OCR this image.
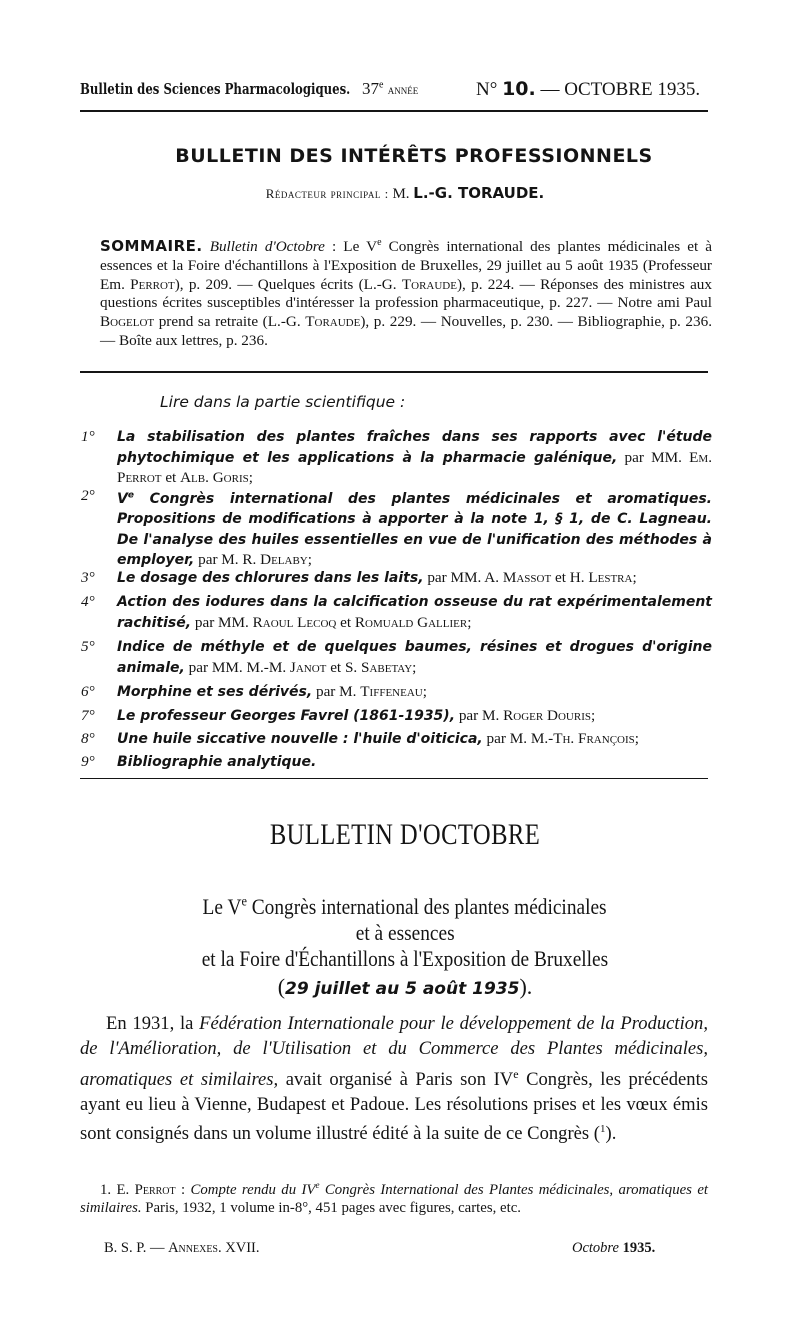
Bulletin des Sciences Pharmacologiques. 37e année	N° 10. — OCTOBRE 1935.
BULLETIN DES INTÉRÊTS PROFESSIONNELS
Rédacteur principal : M. L.-G. TORAUDE.
SOMMAIRE. Bulletin d'Octobre : Le Ve Congrès international des plantes médicinales et à essences et la Foire d'échantillons à l'Exposition de Bruxelles, 29 juillet au 5 août 1935 (Professeur Em. Perrot), p. 209. — Quelques écrits (L.-G. Toraude), p. 224. — Réponses des ministres aux questions écrites susceptibles d'intéresser la profession pharmaceutique, p. 227. — Notre ami Paul Bogelot prend sa retraite (L.-G. Toraude), p. 229. — Nouvelles, p. 230. — Bibliographie, p. 236. — Boîte aux lettres, p. 236.
Lire dans la partie scientifique :
1° La stabilisation des plantes fraîches dans ses rapports avec l'étude phytochimique et les applications à la pharmacie galénique, par MM. Em. Perrot et Alb. Goris;
2° Ve Congrès international des plantes médicinales et aromatiques. Propositions de modifications à apporter à la note 1, § 1, de C. Lagneau. De l'analyse des huiles essentielles en vue de l'unification des méthodes à employer, par M. R. Delaby;
3° Le dosage des chlorures dans les laits, par MM. A. Massot et H. Lestra;
4° Action des iodures dans la calcification osseuse du rat expérimentalement rachitisé, par MM. Raoul Lecoq et Romuald Gallier;
5° Indice de méthyle et de quelques baumes, résines et drogues d'origine animale, par MM. M.-M. Janot et S. Sabetay;
6° Morphine et ses dérivés, par M. Tiffeneau;
7° Le professeur Georges Favrel (1861-1935), par M. Roger Douris;
8° Une huile siccative nouvelle : l'huile d'oiticica, par M. M.-Th. François;
9° Bibliographie analytique.
BULLETIN D'OCTOBRE
Le Ve Congrès international des plantes médicinales
et à essences
et la Foire d'Échantillons à l'Exposition de Bruxelles
(29 juillet au 5 août 1935).
En 1931, la Fédération Internationale pour le développement de la Production, de l'Amélioration, de l'Utilisation et du Commerce des Plantes médicinales, aromatiques et similaires, avait organisé à Paris son IVe Congrès, les précédents ayant eu lieu à Vienne, Budapest et Padoue. Les résolutions prises et les vœux émis sont consignés dans un volume illustré édité à la suite de ce Congrès ($^1$).
1. E. Perrot : Compte rendu du IVe Congrès International des Plantes médicinales, aromatiques et similaires. Paris, 1932, 1 volume in-8°, 451 pages avec figures, cartes, etc.
B. S. P. — Annexes. XVII.	Octobre 1935.
